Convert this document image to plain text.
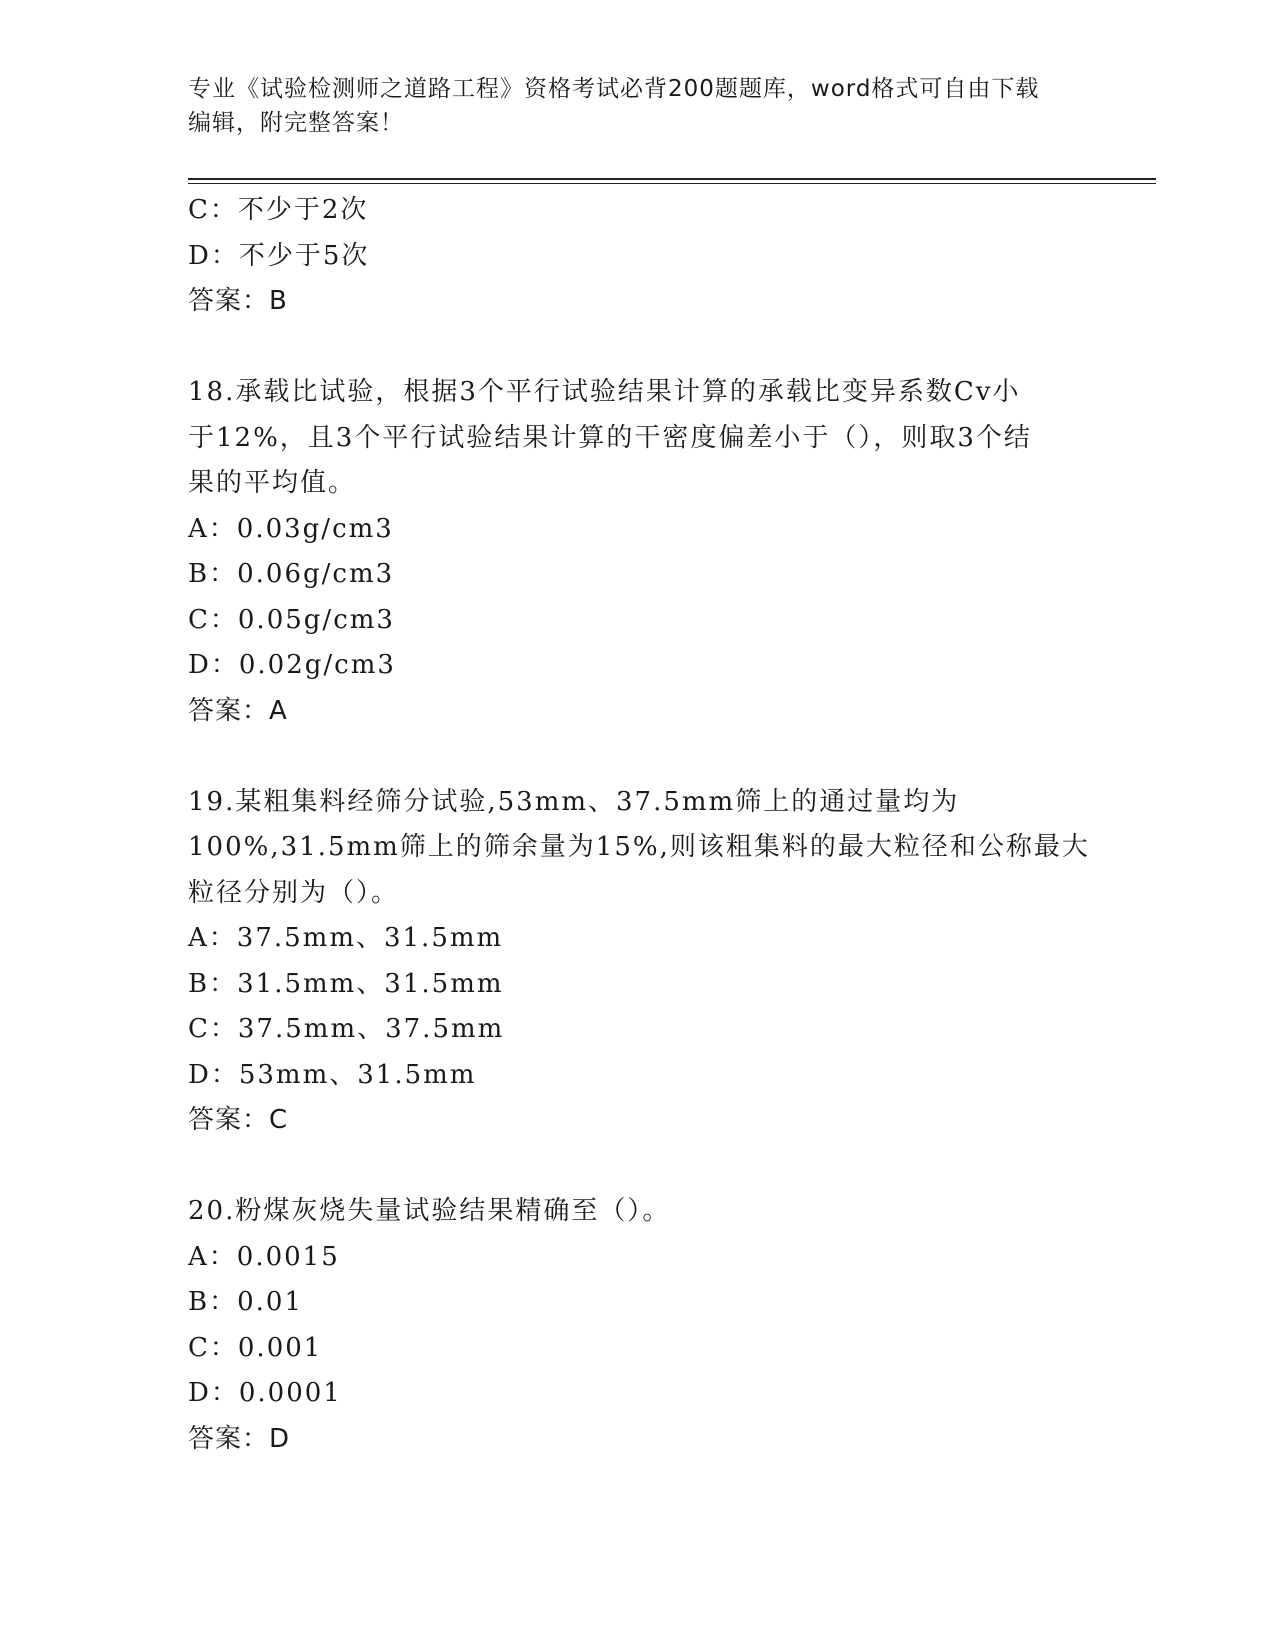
专业《试验检测师之道路工程》资格考试必背200题题库，word格式可自由下载
编辑，附完整答案！
C：不少于2次
D：不少于5次
答案：B
18.承载比试验，根据3个平行试验结果计算的承载比变异系数Cv小
于12%，且3个平行试验结果计算的干密度偏差小于（），则取3个结
果的平均值。
A：0.03g/cm3
B：0.06g/cm3
C：0.05g/cm3
D：0.02g/cm3
答案：A
19.某粗集料经筛分试验,53mm、37.5mm筛上的通过量均为
100%,31.5mm筛上的筛余量为15%,则该粗集料的最大粒径和公称最大
粒径分别为（）。
A：37.5mm、31.5mm
B：31.5mm、31.5mm
C：37.5mm、37.5mm
D：53mm、31.5mm
答案：C
20.粉煤灰烧失量试验结果精确至（）。
A：0.0015
B：0.01
C：0.001
D：0.0001
答案：D
